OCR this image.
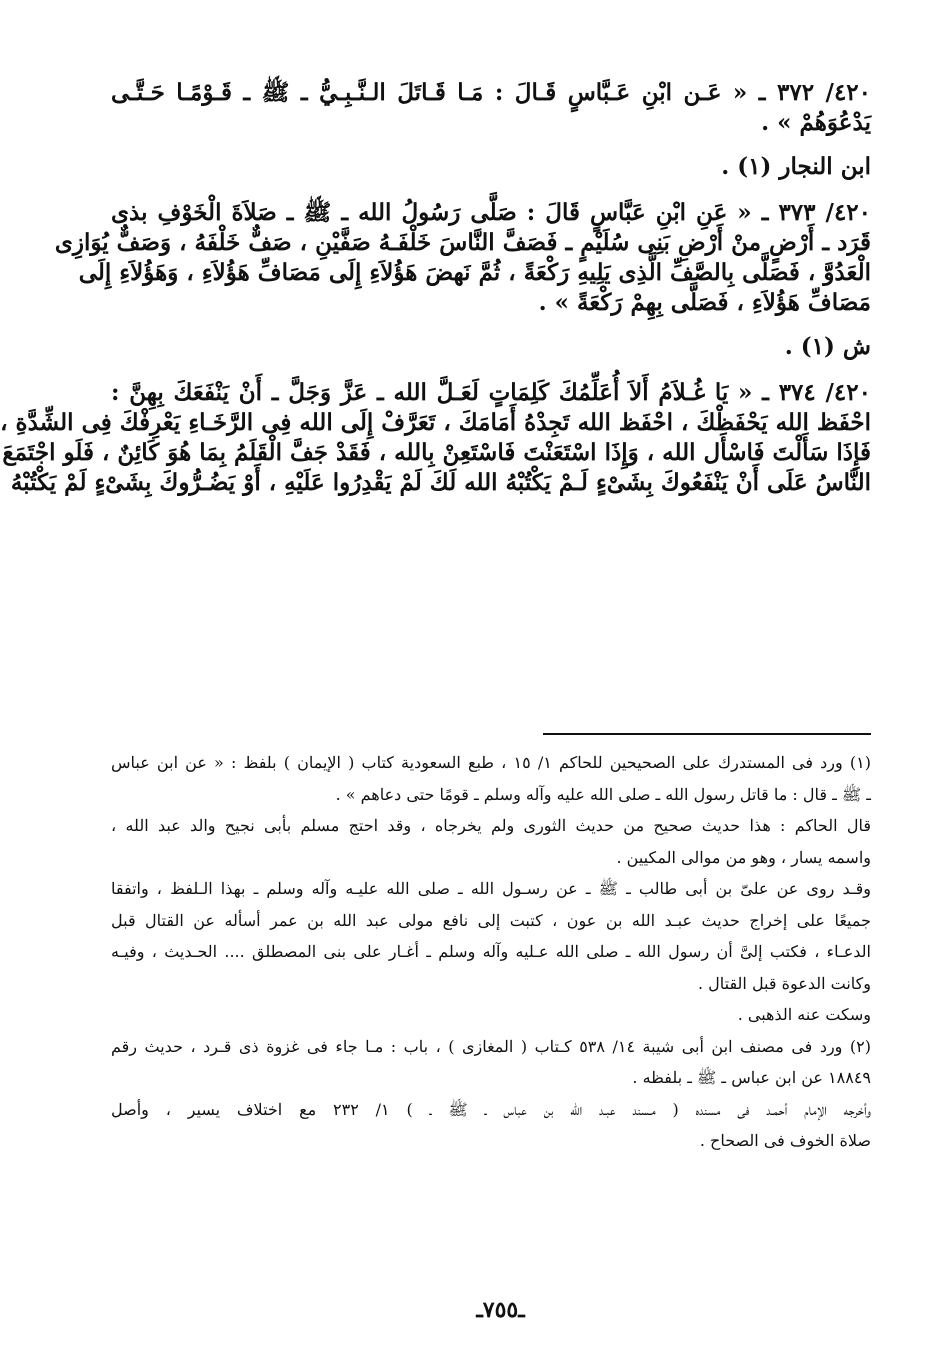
٤٢٠/ ٣٧٢ ـ « عَـن ابْنِ عَـبَّاسٍ قَـالَ : مَـا قَـاتَلَ الـنَّـبِـيُّ ـ ﷺ ـ قَـوْمًـا حَـتَّـى

يَدْعُوَهُمْ » .

ابن النجار (١) .

٤٢٠/ ٣٧٣ ـ « عَنِ ابْنِ عَبَّاسٍ قَالَ : صَلَّى رَسُولُ الله ـ ﷺ ـ صَلاَةَ الْخَوْفِ بذى

قَرَد ـ أَرْضٍ منْ أَرْضِ بَنِى سُلَيْمٍ ـ فَصَفَّ النَّاسَ خَلْفَـهُ صَفَّيْنِ ، صَفٌّ خَلْفَهُ ، وَصَفٌّ يُوَازِى

الْعَدُوَّ ، فَصَلَّى بِالصَّفِّ الَّذِى يَلِيهِ رَكْعَةً ، ثُمَّ نَهضَ هَؤُلاَءِ إِلَى مَصَافِّ هَؤُلاَءِ ، وَهَؤُلاَءِ إِلَى

مَصَافِّ هَؤُلاَءِ ، فَصَلَّى بِهِمْ رَكْعَةً » .

ش (١) .

٤٢٠/ ٣٧٤ ـ « يَا غُـلاَمُ أَلاَ أُعَلِّمُكَ كَلِمَاتٍ لَعَـلَّ الله ـ عَزَّ وَجَلَّ ـ أَنْ يَنْفَعَكَ بِهِنَّ :

احْفَظ الله يَحْفَظْكَ ، احْفَظ الله تَجِدْهُ أَمَامَكَ ، تَعَرَّفْ إِلَى الله فِى الرَّخَـاءِ يَعْرِفْكَ فِى الشِّدَّةِ ،

فَإِذَا سَأَلْتَ فَاسْأَل الله ، وَإِذَا اسْتَعَنْتَ فَاسْتَعِنْ بِالله ، فَقَدْ جَفَّ الْقَلَمُ بِمَا هُوَ كَائِنٌ ، فَلَو اجْتَمَعَ

النَّاسُ عَلَى أَنْ يَنْفَعُوكَ بِشَىْءٍ لَـمْ يَكْتُبْهُ الله لَكَ لَمْ يَقْدِرُوا عَلَيْهِ ، أَوْ يَضُـرُّوكَ بِشَىْءٍ لَمْ يَكْتُبْهُ

(١) ورد فى المستدرك على الصحيحين للحاكم ١/ ١٥ ، طبع السعودية كتاب ( الإيمان ) بلفظ : « عن ابن عباس

ـ ﷺ ـ قال : ما قاتل رسول الله ـ صلى الله عليه وآله وسلم ـ قومًا حتى دعاهم » .

قال الحاكم : هذا حديث صحيح من حديث الثورى ولم يخرجاه ، وقد احتج مسلم بأبى نجيح والد عبد الله ،

واسمه يسار ، وهو من موالى المكيين .

وقـد روى عن علىّ بن أبى طالب ـ ﷺ ـ عن رسـول الله ـ صلى الله عليـه وآله وسلم ـ بهذا الـلفظ ، واتفقا

جميعًا على إخراج حديث عبـد الله بن عون ، كتبت إلى نافع مولى عبد الله بن عمر أسأله عن القتال قبل

الدعـاء ، فكتب إلىَّ أن رسول الله ـ صلى الله عـليه وآله وسلم ـ أغـار على بنى المصطلق .... الحـديث ، وفيـه

وكانت الدعوة قبل القتال .

وسكت عنه الذهبى .

(٢) ورد فى مصنف ابن أبى شيبة ١٤/ ٥٣٨ كـتاب ( المغازى ) ، باب : مـا جاء فى غزوة ذى قـرد ، حديث رقم

١٨٨٤٩ عن ابن عباس ـ ﷺ ـ بلفظه .

وأخرجه الإمام أحمـد فى مسنده ( مـسند عبـد الله بن عباس ـ ﷺ ـ ) ١/ ٢٣٢ مع اختلاف يسير ، وأصل

صلاة الخوف فى الصحاح .

ـ٧٥٥ـ
